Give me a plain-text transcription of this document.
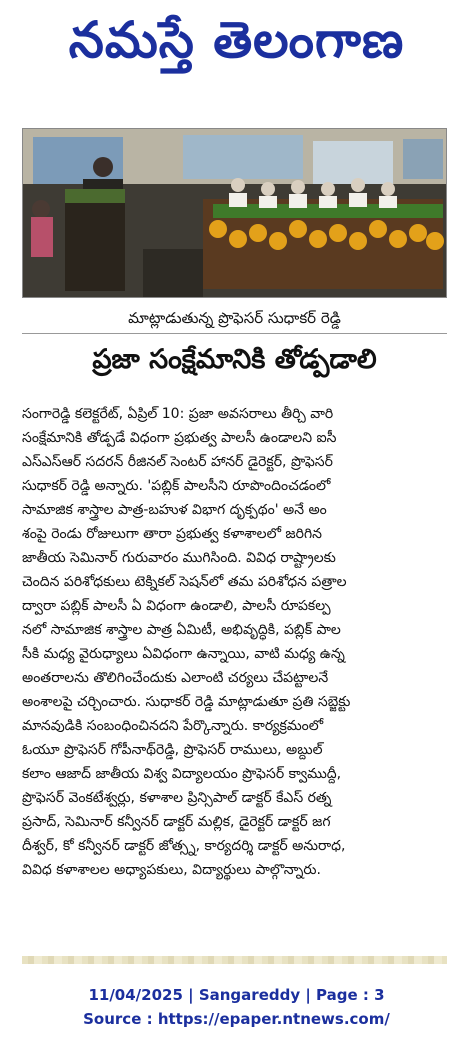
నమస్తే తెలంగాణ
మాట్లాడుతున్న ప్రొఫెసర్ సుధాకర్ రెడ్డి
ప్రజా సంక్షేమానికి తోడ్పడాలి
సంగారెడ్డి కలెక్టరేట్, ఏప్రిల్ 10: ప్రజా అవసరాలు తీర్చి వారి
సంక్షేమానికి తోడ్పడే విధంగా ప్రభుత్వ పాలసీ ఉండాలని ఐసీ
ఎస్ఎస్ఆర్ సదరన్ రీజినల్ సెంటర్ హానర్ డైరెక్టర్, ప్రొఫెసర్
సుధాకర్ రెడ్డి అన్నారు. 'పబ్లిక్ పాలసీని రూపొందించడంలో
సామాజిక శాస్త్రాల పాత్ర-బహుళ విభాగ దృక్పథం' అనే అం
శంపై రెండు రోజులుగా తారా ప్రభుత్వ కళాశాలలో జరిగిన
జాతీయ సెమినార్ గురువారం ముగిసింది. వివిధ రాష్ట్రాలకు
చెందిన పరిశోధకులు టెక్నికల్ సెషన్‌లో తమ పరిశోధన పత్రాల
ద్వారా పబ్లిక్ పాలసీ ఏ విధంగా ఉండాలి, పాలసీ రూపకల్ప
నలో సామాజిక శాస్త్రాల పాత్ర ఏమిటీ, అభివృద్ధికి, పబ్లిక్ పాల
సీకి మధ్య వైరుధ్యాలు ఏవిధంగా ఉన్నాయి, వాటి మధ్య ఉన్న
అంతరాలను తొలిగించేందుకు ఎలాంటి చర్యలు చేపట్టాలనే
అంశాలపై చర్చించారు. సుధాకర్ రెడ్డి మాట్లాడుతూ ప్రతి సబ్జెక్టు
మానవుడికి సంబంధించినదని పేర్కొన్నారు. కార్యక్రమంలో
ఓయూ ప్రొఫెసర్ గోపీనాథ్‌రెడ్డి, ప్రొఫెసర్ రాములు, అబ్దుల్
కలాం ఆజాద్ జాతీయ విశ్వ విద్యాలయం ప్రొఫెసర్ క్వాముద్దీ,
ప్రొఫెసర్ వెంకటేశ్వర్లు, కళాశాల ప్రిన్సిపాల్ డాక్టర్ కేఎస్ రత్న
ప్రసాద్, సెమినార్ కన్వీనర్ డాక్టర్ మల్లిక, డైరెక్టర్ డాక్టర్ జగ
దీశ్వర్, కో కన్వీనర్ డాక్టర్ జోత్స్న, కార్యదర్శి డాక్టర్ అనురాధ,
వివిధ కళాశాలల అధ్యాపకులు, విద్యార్థులు పాల్గొన్నారు.
11/04/2025 | Sangareddy | Page : 3
Source : https://epaper.ntnews.com/
